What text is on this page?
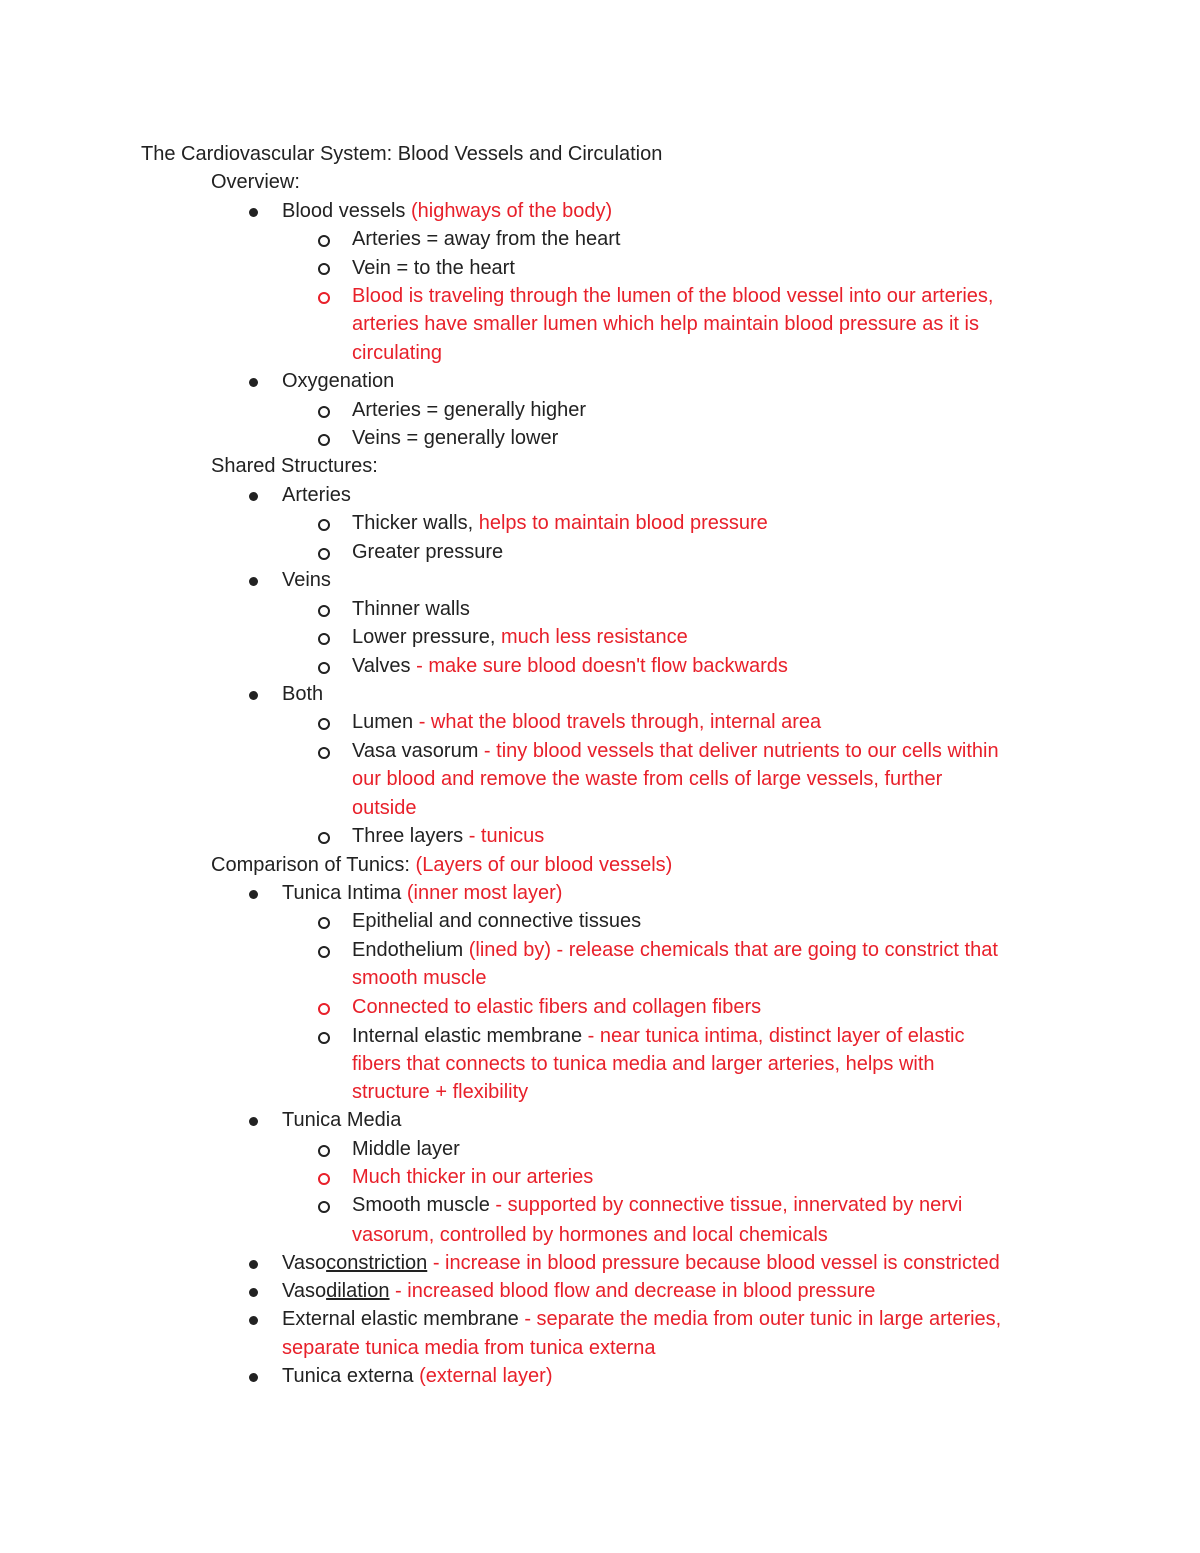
The Cardiovascular System: Blood Vessels and Circulation
Overview:
Blood vessels (highways of the body)
Arteries = away from the heart
Vein = to the heart
Blood is traveling through the lumen of the blood vessel into our arteries,
arteries have smaller lumen which help maintain blood pressure as it is
circulating
Oxygenation
Arteries = generally higher
Veins = generally lower
Shared Structures:
Arteries
Thicker walls, helps to maintain blood pressure
Greater pressure
Veins
Thinner walls
Lower pressure, much less resistance
Valves - make sure blood doesn't flow backwards
Both
Lumen - what the blood travels through, internal area
Vasa vasorum - tiny blood vessels that deliver nutrients to our cells within
our blood and remove the waste from cells of large vessels, further
outside
Three layers - tunicus
Comparison of Tunics: (Layers of our blood vessels)
Tunica Intima (inner most layer)
Epithelial and connective tissues
Endothelium (lined by) - release chemicals that are going to constrict that
smooth muscle
Connected to elastic fibers and collagen fibers
Internal elastic membrane - near tunica intima, distinct layer of elastic
fibers that connects to tunica media and larger arteries, helps with
structure + flexibility
Tunica Media
Middle layer
Much thicker in our arteries
Smooth muscle - supported by connective tissue, innervated by nervi
vasorum, controlled by hormones and local chemicals
Vasoconstriction - increase in blood pressure because blood vessel is constricted
Vasodilation - increased blood flow and decrease in blood pressure
External elastic membrane - separate the media from outer tunic in large arteries,
separate tunica media from tunica externa
Tunica externa (external layer)
